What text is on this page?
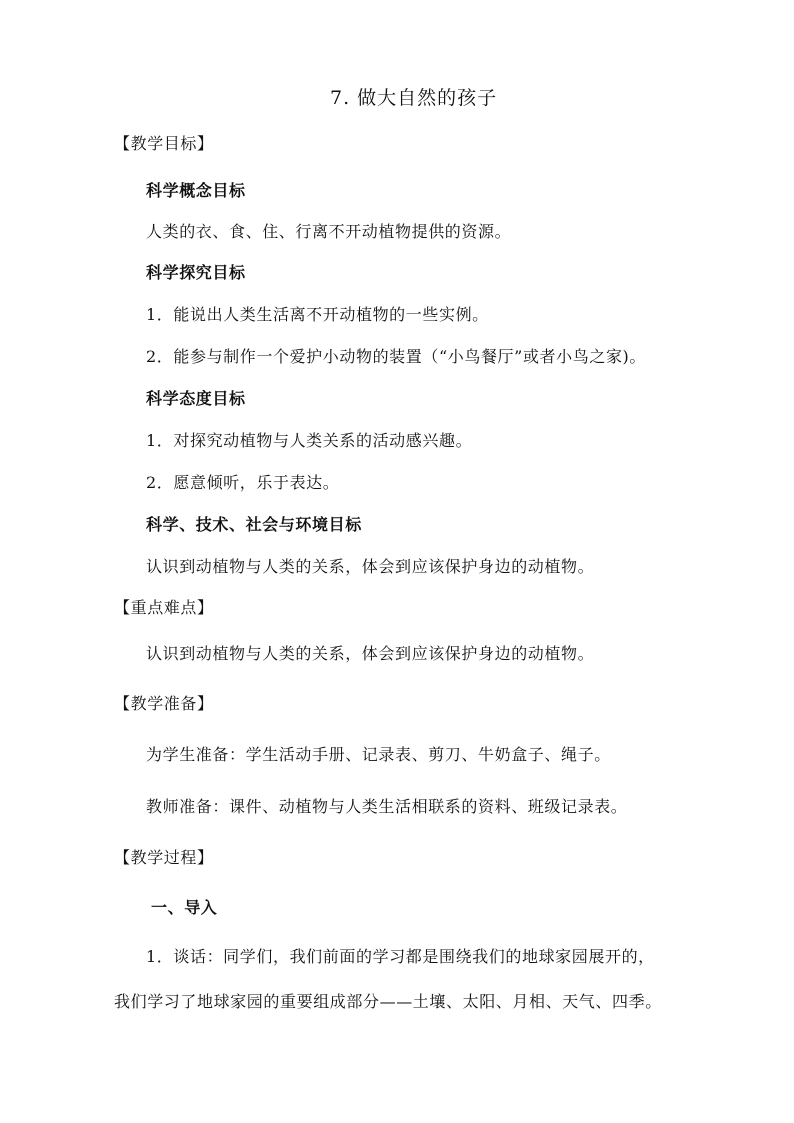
7. 做大自然的孩子
【教学目标】
科学概念目标
人类的衣、食、住、行离不开动植物提供的资源。
科学探究目标
1．能说出人类生活离不开动植物的一些实例。
2．能参与制作一个爱护小动物的装置（“小鸟餐厅”或者小鸟之家)。
科学态度目标
1．对探究动植物与人类关系的活动感兴趣。
2．愿意倾听，乐于表达。
科学、技术、社会与环境目标
认识到动植物与人类的关系，体会到应该保护身边的动植物。
【重点难点】
认识到动植物与人类的关系，体会到应该保护身边的动植物。
【教学准备】
为学生准备：学生活动手册、记录表、剪刀、牛奶盒子、绳子。
教师准备：课件、动植物与人类生活相联系的资料、班级记录表。
【教学过程】
一、导入
1．谈话：同学们，我们前面的学习都是围绕我们的地球家园展开的，
我们学习了地球家园的重要组成部分——土壤、太阳、月相、天气、四季。
